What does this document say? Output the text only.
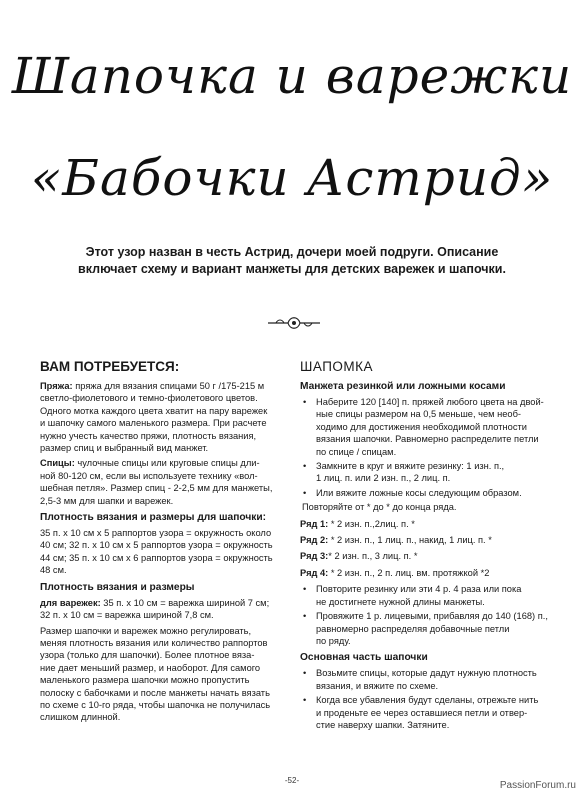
Шапочка и варежки
«Бабочки Астрид»
Этот узор назван в честь Астрид, дочери моей подруги. Описание
включает схему и вариант манжеты для детских варежек и шапочки.
ВАМ ПОТРЕБУЕТСЯ:
Пряжа: пряжа для вязания спицами 50 г /175-215 м
светло-фиолетового и темно-фиолетового цветов.
Одного мотка каждого цвета хватит на пару варежек
и шапочку самого маленького размера. При расчете
нужно учесть качество пряжи, плотность вязания,
размер спиц и выбранный вид манжет.
Спицы: чулочные спицы или круговые спицы дли-
ной 80-120 см, если вы используете технику «вол-
шебная петля». Размер спиц - 2-2,5 мм для манжеты,
2,5-3 мм для шапки и варежек.
Плотность вязания и размеры для шапочки:
35 п. х 10 см х 5 раппортов узора = окружность около
40 см; 32 п. х 10 см х 5 раппортов узора = окружность
44 см; 35 п. х 10 см х 6 раппортов узора = окружность
48 см.
Плотность вязания и размеры
для варежек: 35 п. х 10 см = варежка шириной 7 см;
32 п. х 10 см = варежка шириной 7,8 см.
Размер шапочки и варежек можно регулировать,
меняя плотность вязания или количество раппортов
узора (только для шапочки). Более плотное вяза-
ние дает меньший размер, и наоборот. Для самого
маленького размера шапочки можно пропустить
полоску с бабочками и после манжеты начать вязать
по схеме с 10-го ряда, чтобы шапочка не получилась
слишком длинной.
ШАПОМКА
Манжета резинкой или ложными косами
• Наберите 120 [140] п. пряжей любого цвета на двой-
ные спицы размером на 0,5 меньше, чем необ-
ходимо для достижения необходимой плотности
вязания шапочки. Равномерно распределите петли
по спице / спицам.
• Замкните в круг и вяжите резинку: 1 изн. п.,
1 лиц. п. или 2 изн. п., 2 лиц. п.
• Или вяжите ложные косы следующим образом.
Повторяйте от * до * до конца ряда.
Ряд 1: * 2 изн. п.,2лиц. п. *
Ряд 2: * 2 изн. п., 1 лиц. п., накид, 1 лиц. п. *
Ряд 3:* 2 изн. п., 3 лиц. п. *
Ряд 4: * 2 изн. п., 2 п. лиц. вм. протяжкой *2
• Повторите резинку или эти 4 р. 4 раза или пока
не достигнете нужной длины манжеты.
• Провяжите 1 р. лицевыми, прибавляя до 140 (168) п.,
равномерно распределяя добавочные петли
по ряду.
Основная часть шапочки
• Возьмите спицы, которые дадут нужную плотность
вязания, и вяжите по схеме.
• Когда все убавления будут сделаны, отрежьте нить
и проденьте ее через оставшиеся петли и отвер-
стие наверху шапки. Затяните.
-52-	PassionForum.ru
